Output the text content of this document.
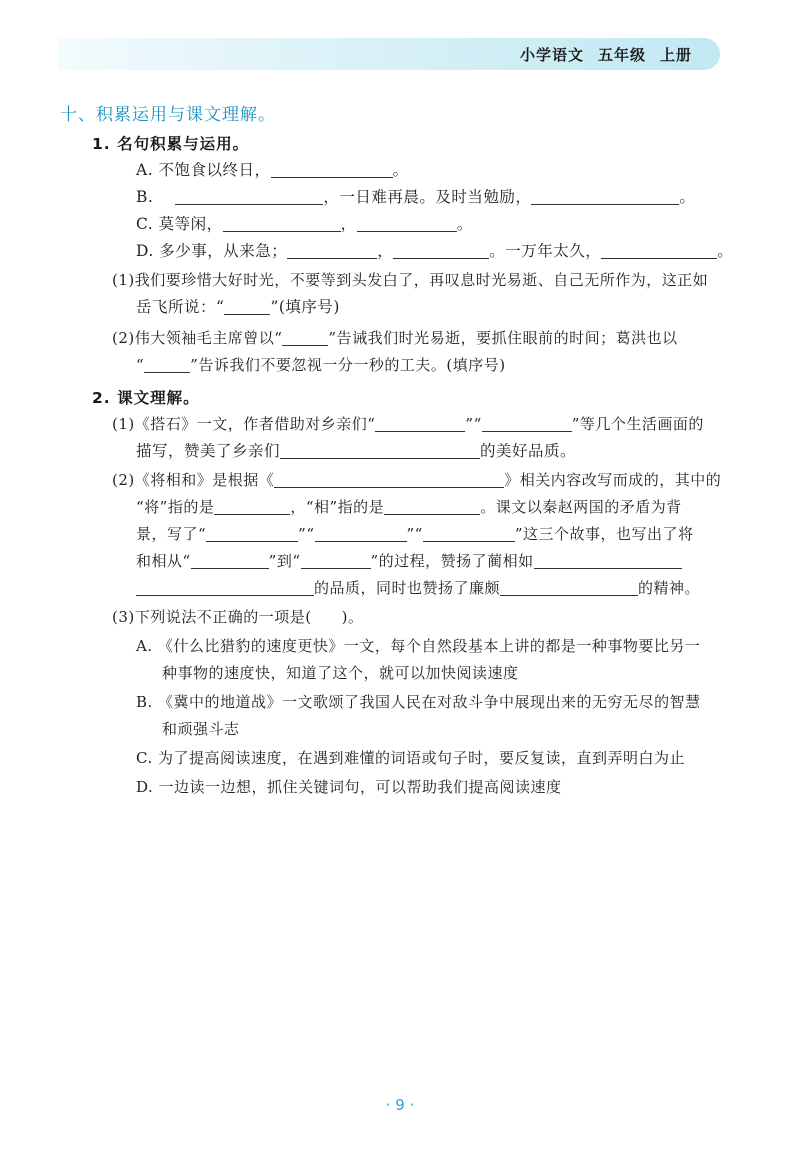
小学语文 五年级 上册
十、积累运用与课文理解。
1. 名句积累与运用。
A. 不饱食以终日，	。
B.	，一日难再晨。及时当勉励，	。
C. 莫等闲，	，	。
D. 多少事，从来急；	，	。一万年太久，	。
(1)我们要珍惜大好时光，不要等到头发白了，再叹息时光易逝、自己无所作为，这正如
岳飞所说：“	”(填序号)
(2)伟大领袖毛主席曾以“	”告诫我们时光易逝，要抓住眼前的时间；葛洪也以
“	”告诉我们不要忽视一分一秒的工夫。(填序号)
2. 课文理解。
(1)《搭石》一文，作者借助对乡亲们“	”“	”等几个生活画面的
描写，赞美了乡亲们	的美好品质。
(2)《将相和》是根据《	》相关内容改写而成的，其中的
“将”指的是	，“相”指的是	。课文以秦赵两国的矛盾为背
景，写了“	”“	”“	”这三个故事，也写出了将
和相从“	”到“	”的过程，赞扬了蔺相如
的品质，同时也赞扬了廉颇	的精神。
(3)下列说法不正确的一项是( )。
A. 《什么比猎豹的速度更快》一文，每个自然段基本上讲的都是一种事物要比另一
种事物的速度快，知道了这个，就可以加快阅读速度
B. 《冀中的地道战》一文歌颂了我国人民在对敌斗争中展现出来的无穷无尽的智慧
和顽强斗志
C. 为了提高阅读速度，在遇到难懂的词语或句子时，要反复读，直到弄明白为止
D. 一边读一边想，抓住关键词句，可以帮助我们提高阅读速度
· 9 ·
